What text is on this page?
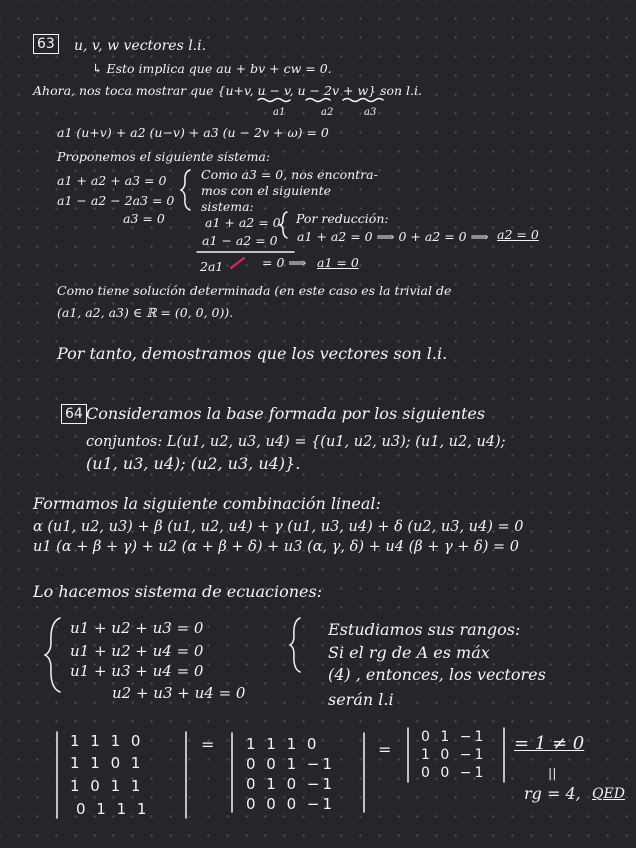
63 u, v, w vectores l.i.
↳ Esto implica que au + bv + cw = 0.
Ahora, nos toca mostrar que {u+v, u − v, u − 2v + w} son l.i.
a1	a2	a3
a1 (u+v) + a2 (u−v) + a3 (u − 2v + ω) = 0
Proponemos el siguiente sistema:
a1 + a2 + a3 = 0
a1 − a2 − 2a3 = 0
a3 = 0
Como a3 = 0, nos encontra-
mos con el siguiente
sistema:
a1 + a2 = 0 Por reducción:
a1 − a2 = 0 a1 + a2 = 0 ⟹ 0 + a2 = 0 ⟹ a2 = 0
2a1	= 0 ⟹ a1 = 0
Como tiene solución determinada (en este caso es la trivial de
(a1, a2, a3) ∈ ℝ = (0, 0, 0)).
Por tanto, demostramos que los vectores son l.i.
64 Consideramos la base formada por los siguientes
conjuntos: L(u1, u2, u3, u4) = {(u1, u2, u3); (u1, u2, u4);
(u1, u3, u4); (u2, u3, u4)}.
Formamos la siguiente combinación lineal:
α (u1, u2, u3) + β (u1, u2, u4) + γ (u1, u3, u4) + δ (u2, u3, u4) = 0
u1 (α + β + γ) + u2 (α + β + δ) + u3 (α, γ, δ) + u4 (β + γ + δ) = 0
Lo hacemos sistema de ecuaciones:
u1 + u2 + u3 = 0
u1 + u2 + u4 = 0
u1 + u3 + u4 = 0
u2 + u3 + u4 = 0
Estudiamos sus rangos:
Si el rg de A es máx
(4) , entonces, los vectores
serán l.i
1 1 1 0
1 1 0 1
1 0 1 1
0 1 1 1
= 1 1 1 0
0 0 1 −1
0 1 0 −1
0 0 0 −1
=
0 1 −1
1 0 −1
0 0 −1
= 1 ≠ 0
||
rg = 4, QED
